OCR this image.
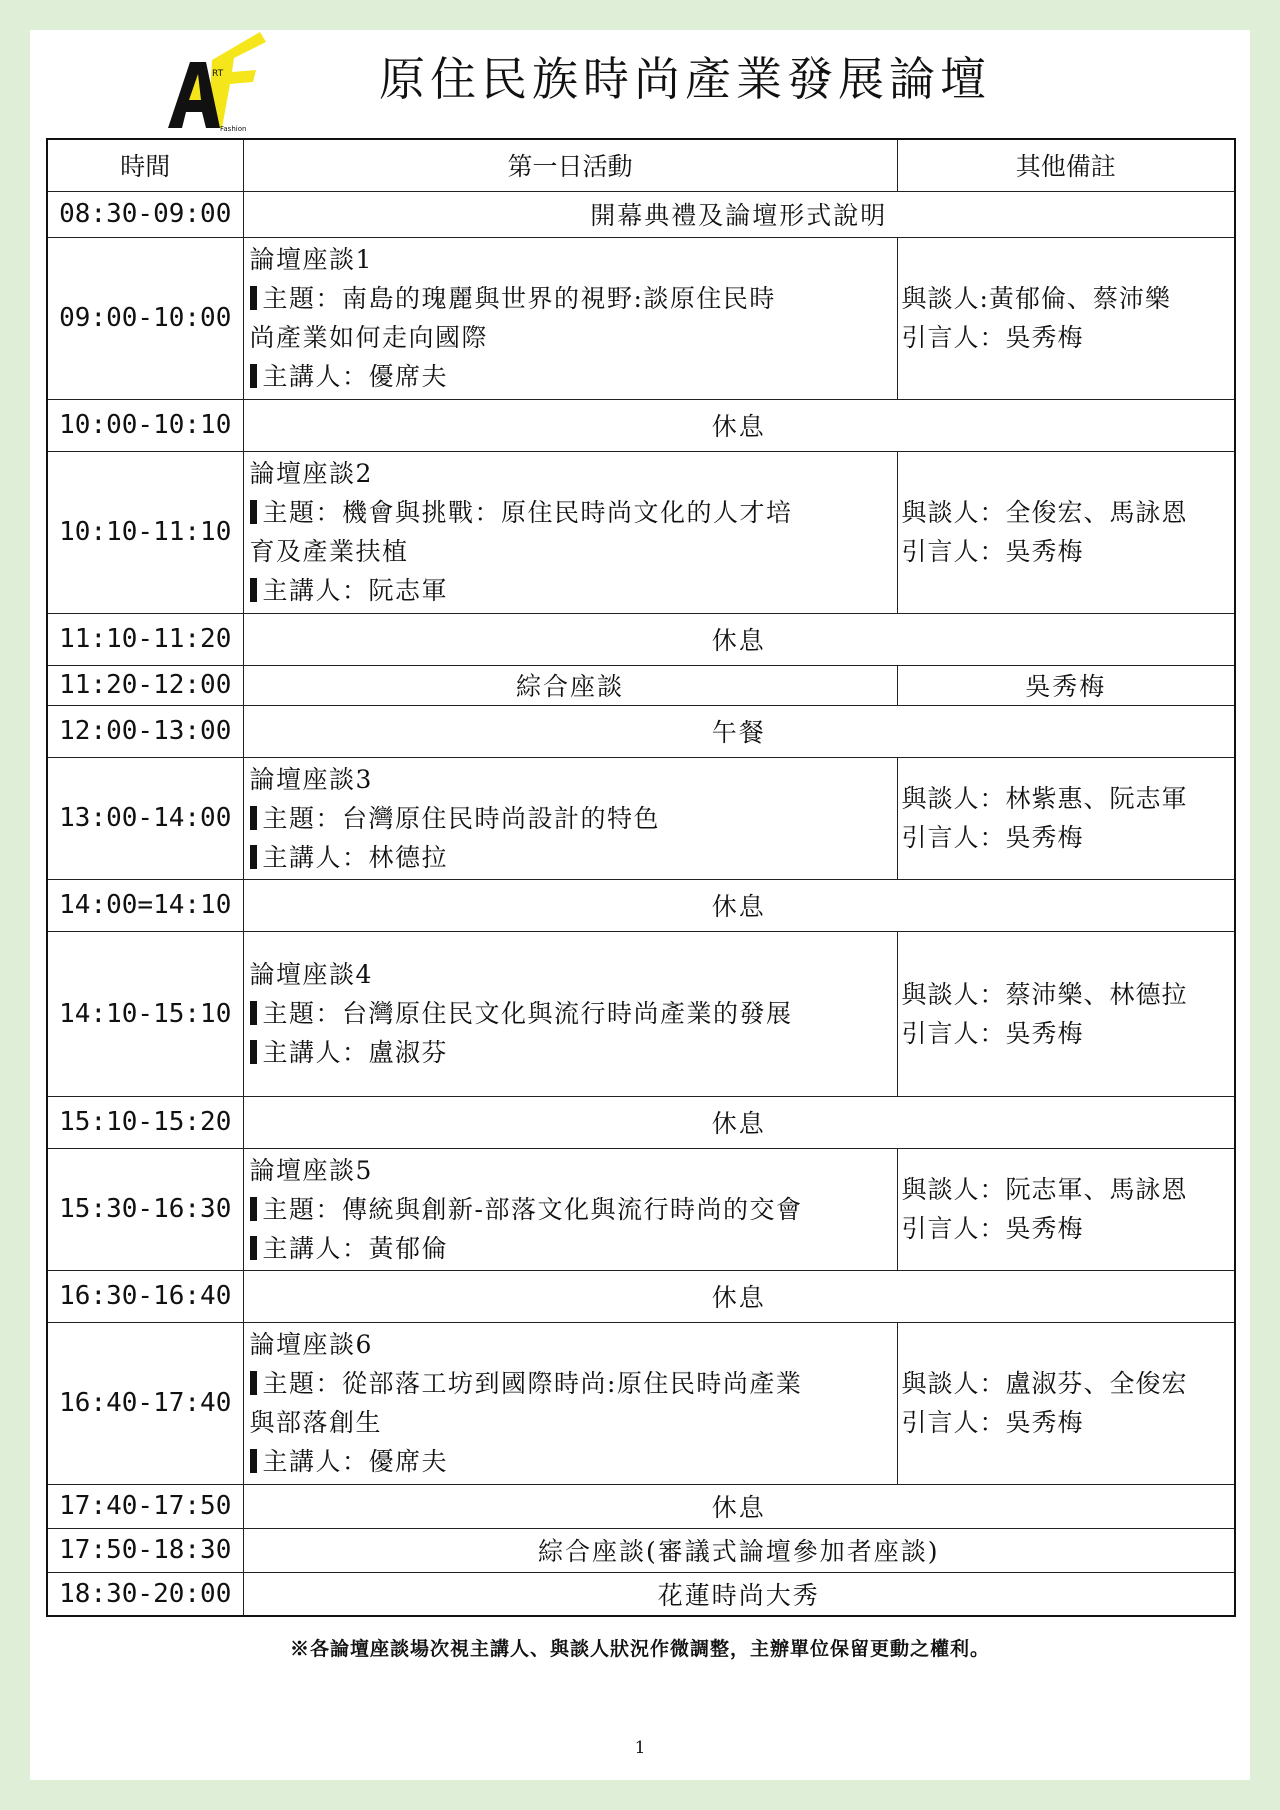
RT
Fashion
原住民族時尚產業發展論壇
時間	第一日活動	其他備註
08:30-09:00	開幕典禮及論壇形式說明	
09:00-10:00	論壇座談1
主題：南島的瑰麗與世界的視野:談原住民時
尚產業如何走向國際
主講人：優席夫	與談人:黃郁倫、蔡沛樂
引言人：吳秀梅

10:00-10:10	休息	
10:10-11:10	論壇座談2
主題：機會與挑戰：原住民時尚文化的人才培
育及產業扶植
主講人：阮志軍	與談人：全俊宏、馬詠恩
引言人：吳秀梅

11:10-11:20	休息	
11:20-12:00	綜合座談	吳秀梅
12:00-13:00	午餐	
13:00-14:00	論壇座談3
主題：台灣原住民時尚設計的特色
主講人：林德拉	與談人：林紫惠、阮志軍
引言人：吳秀梅

14:00=14:10	休息	
14:10-15:10	論壇座談4
主題：台灣原住民文化與流行時尚產業的發展
主講人：盧淑芬	與談人：蔡沛樂、林德拉
引言人：吳秀梅

15:10-15:20	休息	
15:30-16:30	論壇座談5
主題：傳統與創新-部落文化與流行時尚的交會
主講人：黃郁倫	與談人：阮志軍、馬詠恩
引言人：吳秀梅

16:30-16:40	休息	
16:40-17:40	論壇座談6
主題：從部落工坊到國際時尚:原住民時尚產業
與部落創生
主講人：優席夫	與談人：盧淑芬、全俊宏
引言人：吳秀梅

17:40-17:50	休息	
17:50-18:30	綜合座談(審議式論壇參加者座談)	
18:30-20:00	花蓮時尚大秀	
※各論壇座談場次視主講人、與談人狀況作微調整，主辦單位保留更動之權利。
1
